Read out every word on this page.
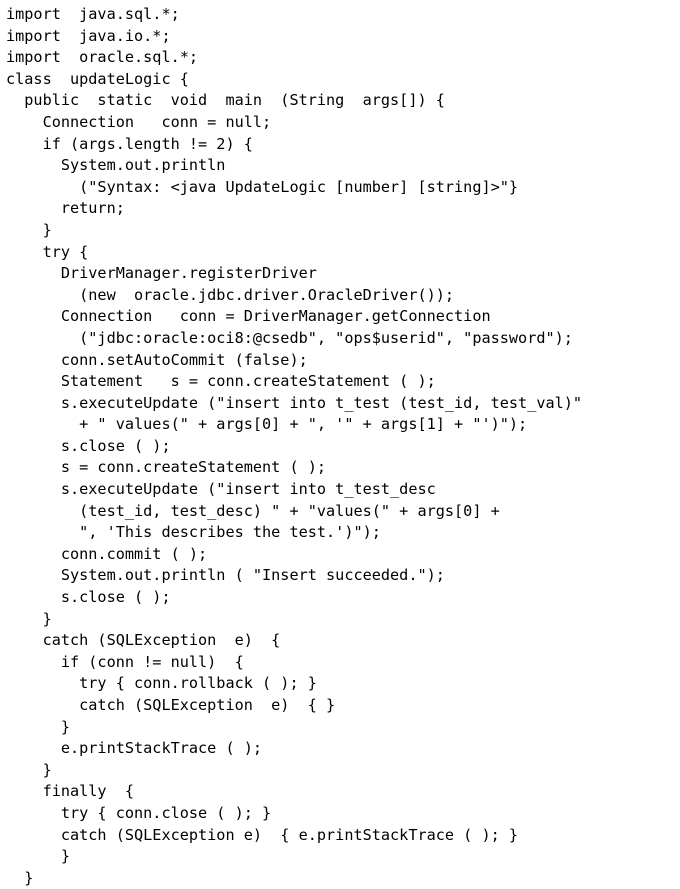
import  java.sql.*;
import  java.io.*;
import  oracle.sql.*;
class  updateLogic {
public  static  void  main  (String  args[]) {
Connection   conn = null;
if (args.length != 2) {
System.out.println
("Syntax: <java UpdateLogic [number] [string]>"}
return;
}
try {
DriverManager.registerDriver
(new  oracle.jdbc.driver.OracleDriver());
Connection   conn = DriverManager.getConnection
("jdbc:oracle:oci8:@csedb", "ops$userid", "password");
conn.setAutoCommit (false);
Statement   s = conn.createStatement ( );
s.executeUpdate ("insert into t_test (test_id, test_val)"
+ " values(" + args[0] + ", '" + args[1] + "')");
s.close ( );
s = conn.createStatement ( );
s.executeUpdate ("insert into t_test_desc
(test_id, test_desc) " + "values(" + args[0] +
", 'This describes the test.')");
conn.commit ( );
System.out.println ( "Insert succeeded.");
s.close ( );
}
catch (SQLException  e)  {
if (conn != null)  {
try { conn.rollback ( ); }
catch (SQLException  e)  { }
}
e.printStackTrace ( );
}
finally  {
try { conn.close ( ); }
catch (SQLException e)  { e.printStackTrace ( ); }
}
}
